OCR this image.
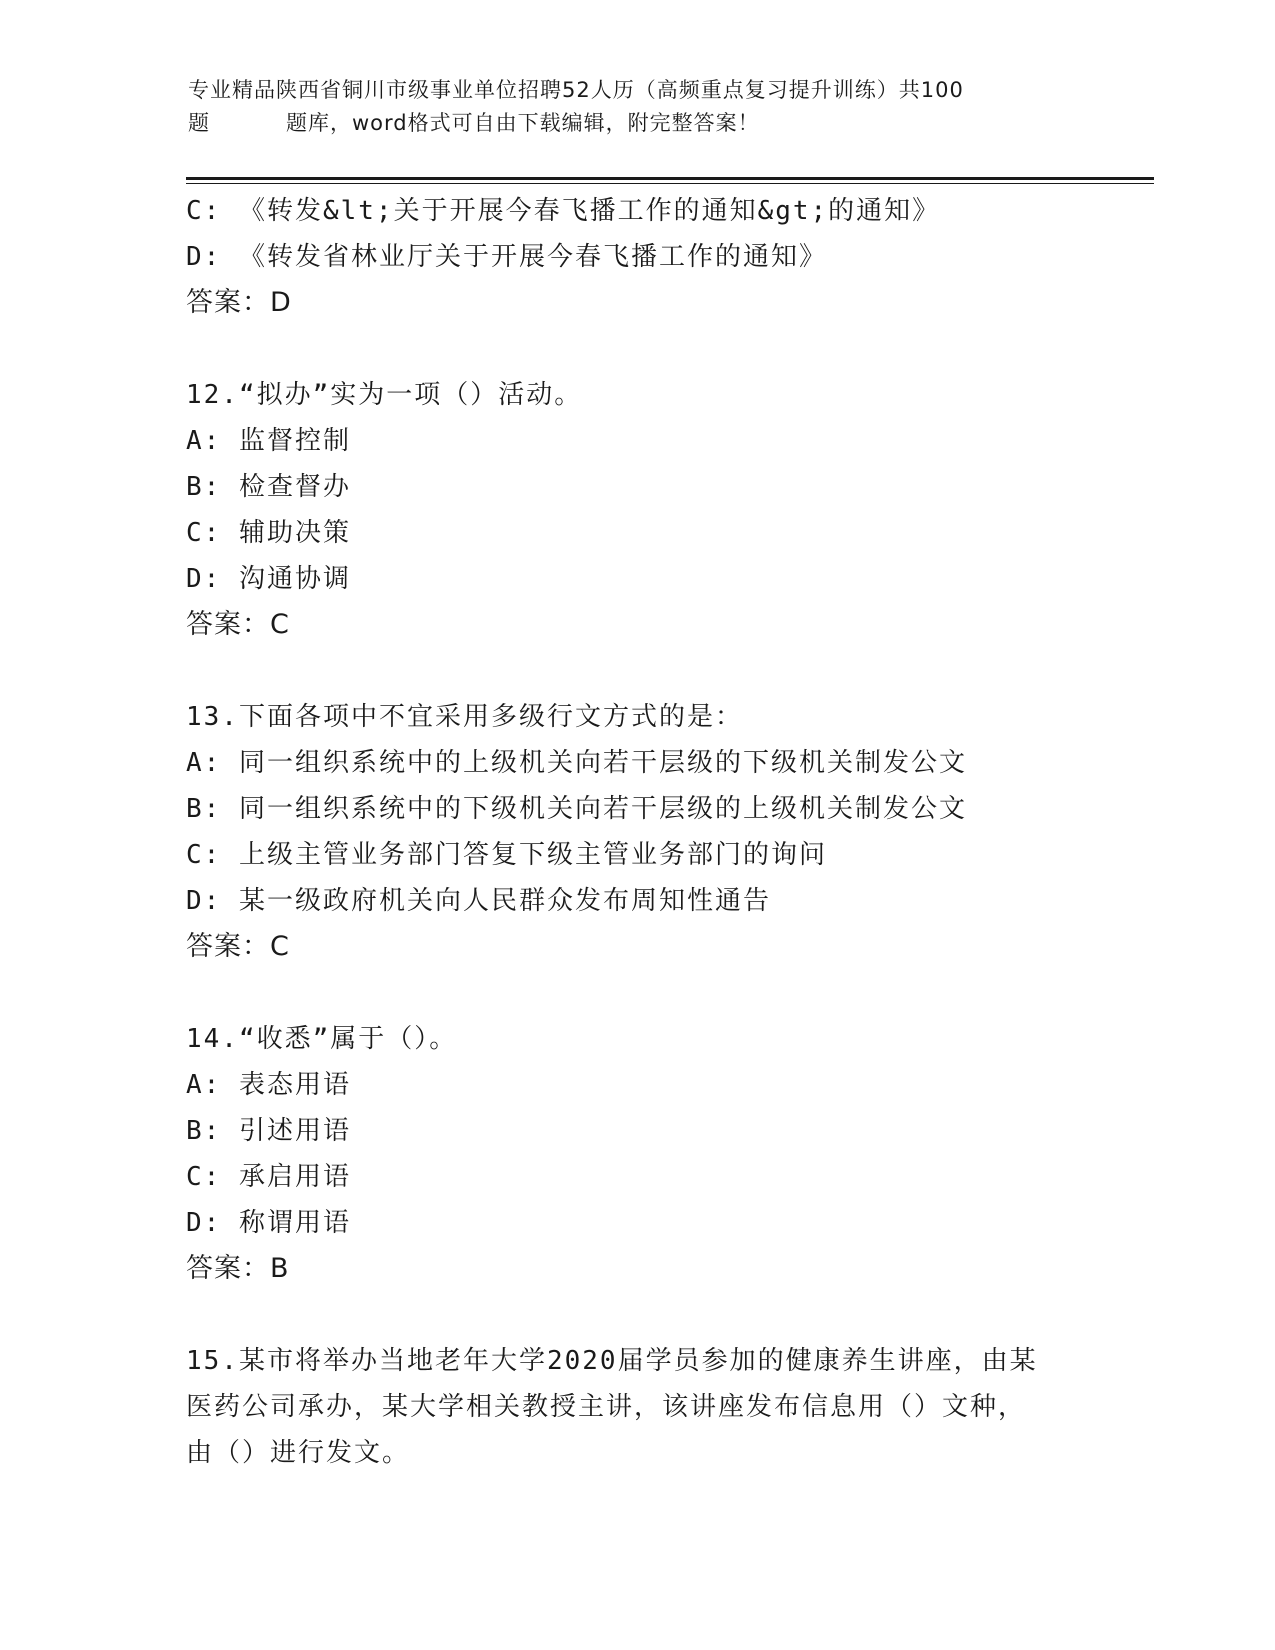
专业精品陕西省铜川市级事业单位招聘52人历（高频重点复习提升训练）共100
题	题库，word格式可自由下载编辑，附完整答案！
C: 《转发&lt;关于开展今春飞播工作的通知&gt;的通知》
D: 《转发省林业厅关于开展今春飞播工作的通知》
答案：D
12.“拟办”实为一项（）活动。
A: 监督控制
B: 检查督办
C: 辅助决策
D: 沟通协调
答案：C
13.下面各项中不宜采用多级行文方式的是：
A: 同一组织系统中的上级机关向若干层级的下级机关制发公文
B: 同一组织系统中的下级机关向若干层级的上级机关制发公文
C: 上级主管业务部门答复下级主管业务部门的询问
D: 某一级政府机关向人民群众发布周知性通告
答案：C
14.“收悉”属于（）。
A: 表态用语
B: 引述用语
C: 承启用语
D: 称谓用语
答案：B
15.某市将举办当地老年大学2020届学员参加的健康养生讲座，由某
医药公司承办，某大学相关教授主讲，该讲座发布信息用（）文种，
由（）进行发文。
